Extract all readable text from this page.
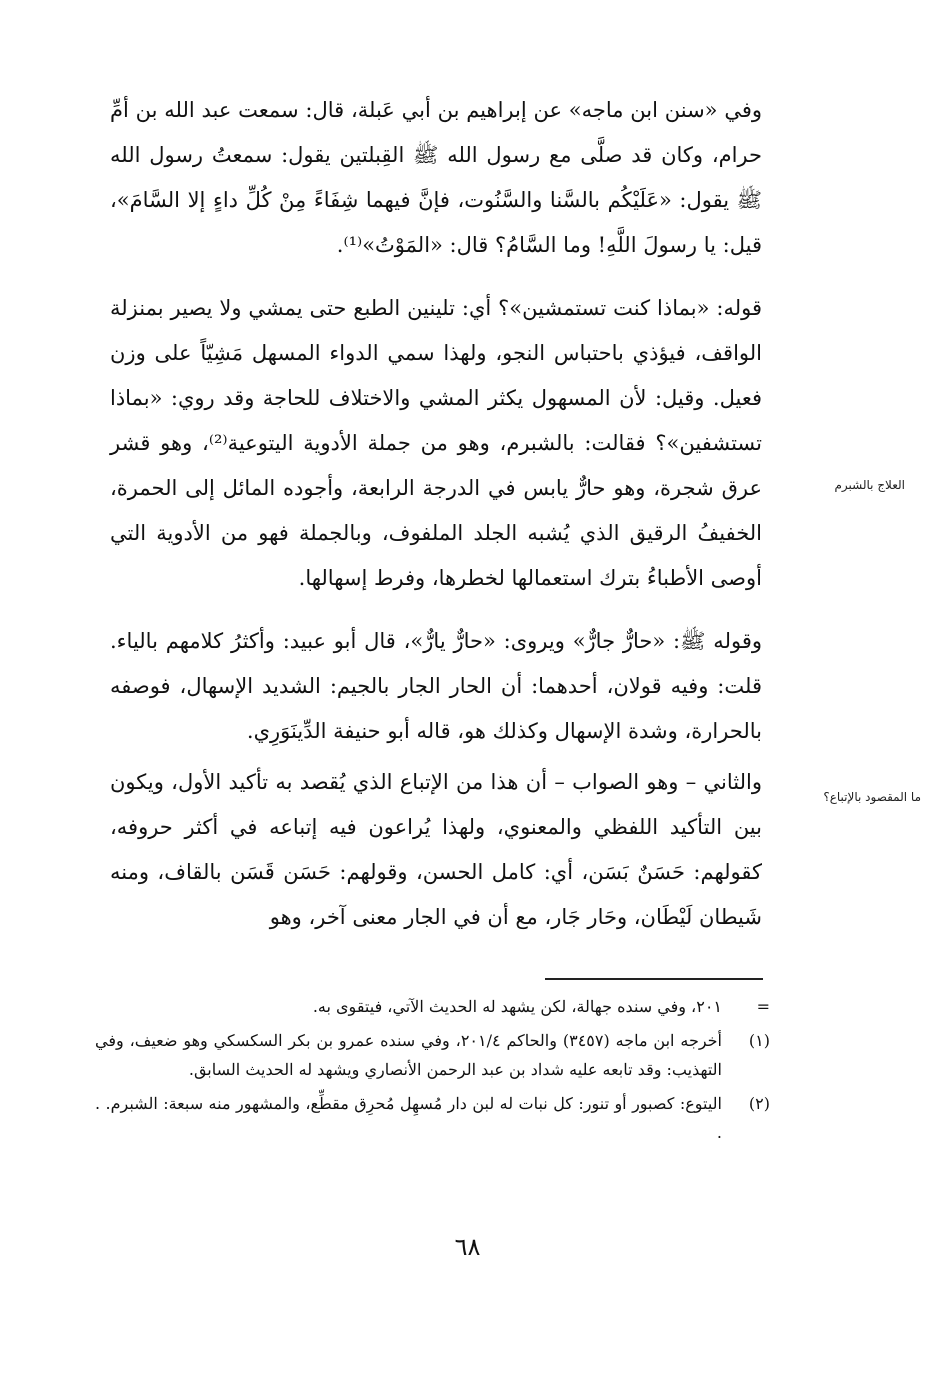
وفي «سنن ابن ماجه» عن إبراهيم بن أبي عَبلة، قال: سمعت عبد الله بن أمِّ حرام، وكان قد صلَّى مع رسول الله ﷺ القِبلتين يقول: سمعتُ رسول الله ﷺ يقول: «عَلَيْكُم بالسَّنا والسَّنُوت، فإنَّ فيهما شِفَاءً مِنْ كُلِّ داءٍ إلا السَّامَ»، قيل: يا رسولَ اللَّهِ! وما السَّامُ؟ قال: «المَوْتُ»⁽¹⁾.

قوله: «بماذا كنت تستمشين»؟ أي: تلينين الطبع حتى يمشي ولا يصير بمنزلة الواقف، فيؤذي باحتباس النجو، ولهذا سمي الدواء المسهل مَشِيّاً على وزن فعيل. وقيل: لأن المسهول يكثر المشي والاختلاف للحاجة وقد روي: «بماذا تستشفين»؟ فقالت: بالشبرم، وهو من جملة الأدوية اليتوعية⁽²⁾، وهو قشر عرق شجرة، وهو حارٌّ يابس في الدرجة الرابعة، وأجوده المائل إلى الحمرة، الخفيفُ الرقيق الذي يُشبه الجلد الملفوف، وبالجملة فهو من الأدوية التي أوصى الأطباءُ بترك استعمالها لخطرها، وفرط إسهالها.

وقوله ﷺ: «حارٌّ جارٌّ» ويروى: «حارٌّ يارٌّ»، قال أبو عبيد: وأكثرُ كلامهم بالياء. قلت: وفيه قولان، أحدهما: أن الحار الجار بالجيم: الشديد الإسهال، فوصفه بالحرارة، وشدة الإسهال وكذلك هو، قاله أبو حنيفة الدِّينَوَرِي.

والثاني – وهو الصواب – أن هذا من الإتباع الذي يُقصد به تأكيد الأول، ويكون بين التأكيد اللفظي والمعنوي، ولهذا يُراعون فيه إتباعه في أكثر حروفه، كقولهم: حَسَنٌ بَسَن، أي: كامل الحسن، وقولهم: حَسَن قَسَن بالقاف، ومنه شَيطان لَيْطَان، وحَار جَار، مع أن في الجار معنى آخر، وهو

العلاج بالشبرم
ما المقصود بالإتباع؟
=
٢٠١، وفي سنده جهالة، لكن يشهد له الحديث الآتي، فيتقوى به.
(١)
أخرجه ابن ماجه (٣٤٥٧) والحاكم ٢٠١/٤، وفي سنده عمرو بن بكر السكسكي وهو ضعيف، وفي التهذيب: وقد تابعه عليه شداد بن عبد الرحمن الأنصاري ويشهد له الحديث السابق.
(٢)
اليتوع: كصبور أو تنور: كل نبات له لبن دار مُسهِل مُحرِق مقطِّع، والمشهور منه سبعة: الشبرم. . .
٦٨
